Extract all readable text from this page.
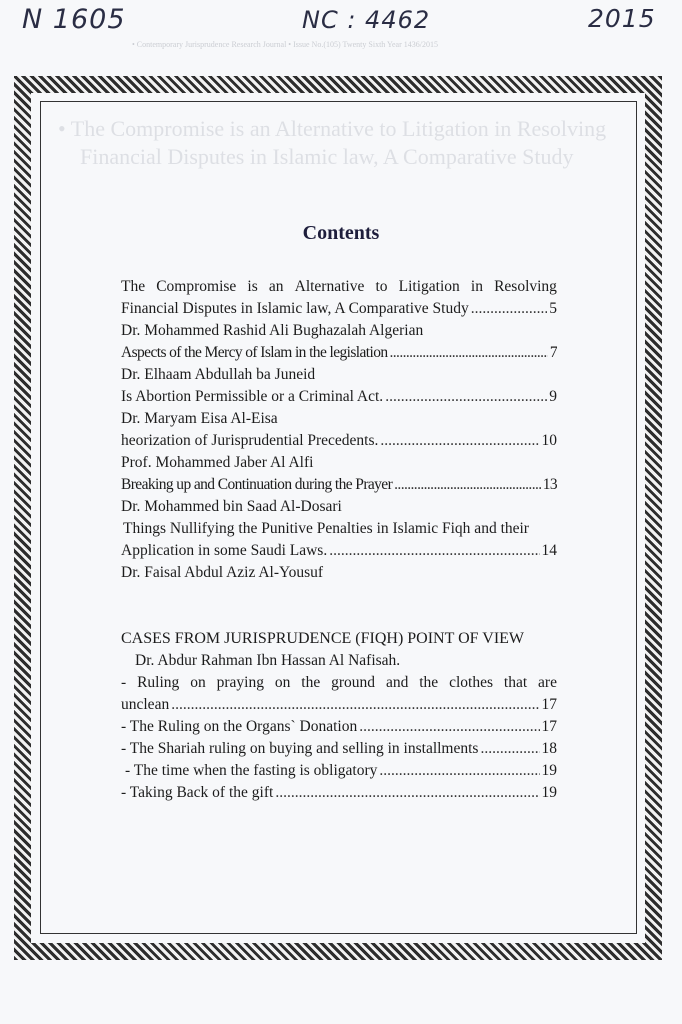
N 1605	NC : 4462	2015
• Contemporary Jurisprudence Research Journal • Issue No.(105) Twenty Sixth Year 1436/2015
• The Compromise is an Alternative to Litigation in Resolving
Financial Disputes in Islamic law, A Comparative Study
Contents
The Compromise is an Alternative to Litigation in Resolving
Financial Disputes in Islamic law, A Comparative Study .....	5
Dr. Mohammed Rashid Ali Bughazalah Algerian
Aspects of the Mercy of Islam in the legislation .....	7
Dr. Elhaam Abdullah ba Juneid
Is Abortion Permissible or a Criminal Act. .....	9
Dr. Maryam Eisa Al-Eisa
heorization of Jurisprudential Precedents. .....	10
Prof. Mohammed Jaber Al Alfi
Breaking up and Continuation during the Prayer .....	13
Dr. Mohammed bin Saad Al-Dosari
Things Nullifying the Punitive Penalties in Islamic Fiqh and their
Application in some Saudi Laws. .....	14
Dr. Faisal Abdul Aziz Al-Yousuf
CASES FROM JURISPRUDENCE (FIQH) POINT OF VIEW
Dr. Abdur Rahman Ibn Hassan Al Nafisah.
- Ruling on praying on the ground and the clothes that are
unclean .....	17
- The Ruling on the Organs` Donation .....	17
- The Shariah ruling on buying and selling in installments .....	18
- The time when the fasting is obligatory .....	19
- Taking Back of the gift .....	19
